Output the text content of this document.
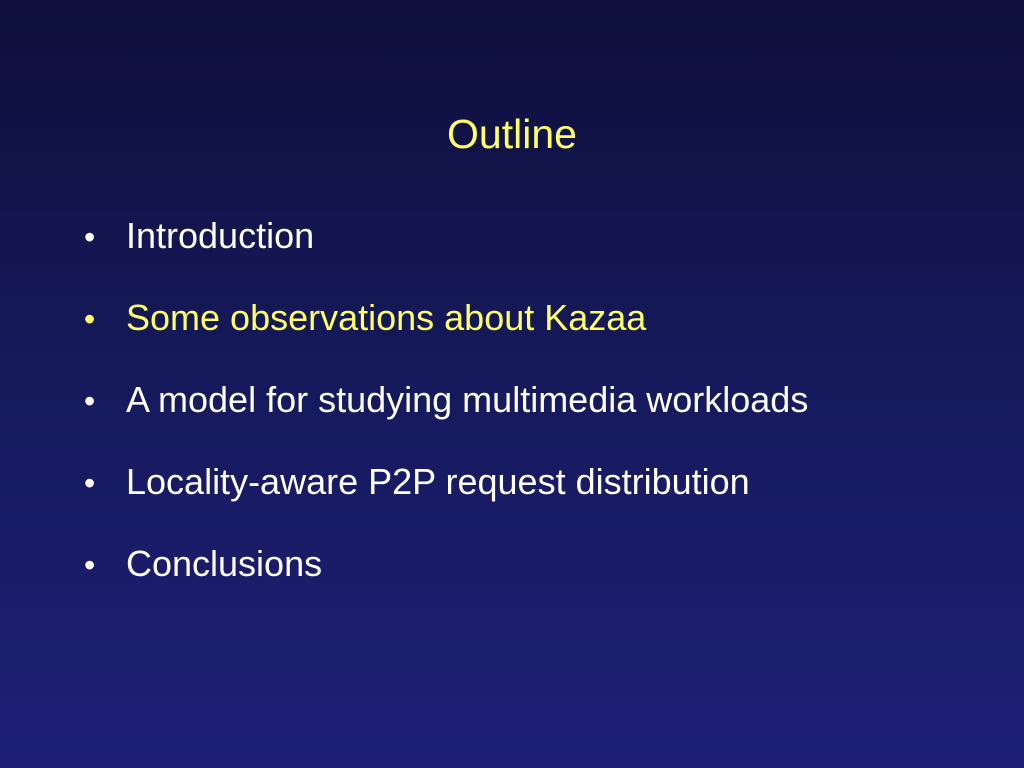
Outline
• Introduction
• Some observations about Kazaa
• A model for studying multimedia workloads
• Locality-aware P2P request distribution
• Conclusions
